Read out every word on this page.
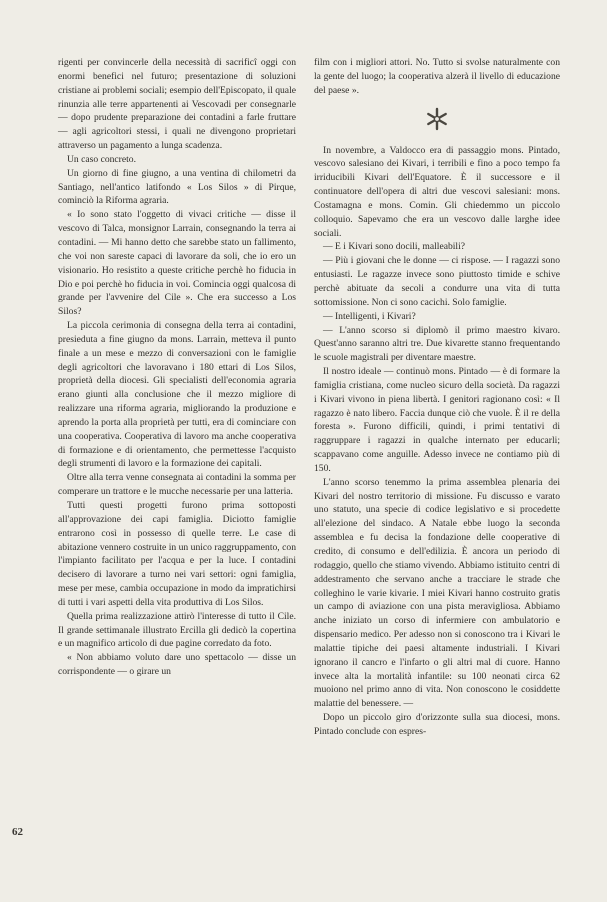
rigenti per convincerle della necessità di sacrificî oggi con enormi benefici nel futuro; presentazione di soluzioni cristiane ai problemi sociali; esempio dell'Episcopato, il quale rinunzia alle terre appartenenti ai Vescovadi per consegnarle — dopo prudente preparazione dei contadini a farle fruttare — agli agricoltori stessi, i quali ne divengono proprietari attraverso un pagamento a lunga scadenza.

Un caso concreto.

Un giorno di fine giugno, a una ventina di chilometri da Santiago, nell'antico latifondo « Los Silos » di Pirque, cominciò la Riforma agraria.

« Io sono stato l'oggetto di vivaci critiche — disse il vescovo di Talca, monsignor Larrain, consegnando la terra ai contadini. — Mi hanno detto che sarebbe stato un fallimento, che voi non sareste capaci di lavorare da soli, che io ero un visionario. Ho resistito a queste critiche perchè ho fiducia in Dio e poi perchè ho fiducia in voi. Comincia oggi qualcosa di grande per l'avvenire del Cile ». Che era successo a Los Silos?

La piccola cerimonia di consegna della terra ai contadini, presieduta a fine giugno da mons. Larrain, metteva il punto finale a un mese e mezzo di conversazioni con le famiglie degli agricoltori che lavoravano i 180 ettari di Los Silos, proprietà della diocesi. Gli specialisti dell'economia agraria erano giunti alla conclusione che il mezzo migliore di realizzare una riforma agraria, migliorando la produzione e aprendo la porta alla proprietà per tutti, era di cominciare con una cooperativa. Cooperativa di lavoro ma anche cooperativa di formazione e di orientamento, che permettesse l'acquisto degli strumenti di lavoro e la formazione dei capitali.

Oltre alla terra venne consegnata ai contadini la somma per comperare un trattore e le mucche necessarie per una latteria.

Tutti questi progetti furono prima sottoposti all'approvazione dei capi famiglia. Diciotto famiglie entrarono così in possesso di quelle terre. Le case di abitazione vennero costruite in un unico raggruppamento, con l'impianto facilitato per l'acqua e per la luce. I contadini decisero di lavorare a turno nei vari settori: ogni famiglia, mese per mese, cambia occupazione in modo da impratichirsi di tutti i vari aspetti della vita produttiva di Los Silos.

Quella prima realizzazione attirò l'interesse di tutto il Cile. Il grande settimanale illustrato Ercilla gli dedicò la copertina e un magnifico articolo di due pagine corredato da foto.

« Non abbiamo voluto dare uno spettacolo — disse un corrispondente — o girare un

film con i migliori attori. No. Tutto si svolse naturalmente con la gente del luogo; la cooperativa alzerà il livello di educazione del paese ».

In novembre, a Valdocco era di passaggio mons. Pintado, vescovo salesiano dei Kivari, i terribili e fino a poco tempo fa irriducibili Kivari dell'Equatore. È il successore e il continuatore dell'opera di altri due vescovi salesiani: mons. Costamagna e mons. Comin. Gli chiedemmo un piccolo colloquio. Sapevamo che era un vescovo dalle larghe idee sociali.

— E i Kivari sono docili, malleabili?

— Più i giovani che le donne — ci rispose. — I ragazzi sono entusiasti. Le ragazze invece sono piuttosto timide e schive perchè abituate da secoli a condurre una vita di tutta sottomissione. Non ci sono cacichi. Solo famiglie.

— Intelligenti, i Kivari?

— L'anno scorso si diplomò il primo maestro kivaro. Quest'anno saranno altri tre. Due kivarette stanno frequentando le scuole magistrali per diventare maestre.

Il nostro ideale — continuò mons. Pintado — è di formare la famiglia cristiana, come nucleo sicuro della società. Da ragazzi i Kivari vivono in piena libertà. I genitori ragionano così: « Il ragazzo è nato libero. Faccia dunque ciò che vuole. È il re della foresta ». Furono difficili, quindi, i primi tentativi di raggruppare i ragazzi in qualche internato per educarli; scappavano come anguille. Adesso invece ne contiamo più di 150.

L'anno scorso tenemmo la prima assemblea plenaria dei Kivari del nostro territorio di missione. Fu discusso e varato uno statuto, una specie di codice legislativo e si procedette all'elezione del sindaco. A Natale ebbe luogo la seconda assemblea e fu decisa la fondazione delle cooperative di credito, di consumo e dell'edilizia. È ancora un periodo di rodaggio, quello che stiamo vivendo. Abbiamo istituito centri di addestramento che servano anche a tracciare le strade che colleghino le varie kivarie. I miei Kivari hanno costruito gratis un campo di aviazione con una pista meravigliosa. Abbiamo anche iniziato un corso di infermiere con ambulatorio e dispensario medico. Per adesso non si conoscono tra i Kivari le malattie tipiche dei paesi altamente industriali. I Kivari ignorano il cancro e l'infarto o gli altri mal di cuore. Hanno invece alta la mortalità infantile: su 100 neonati circa 62 muoiono nel primo anno di vita. Non conoscono le cosiddette malattie del benessere. —

Dopo un piccolo giro d'orizzonte sulla sua diocesi, mons. Pintado conclude con espres-

62
